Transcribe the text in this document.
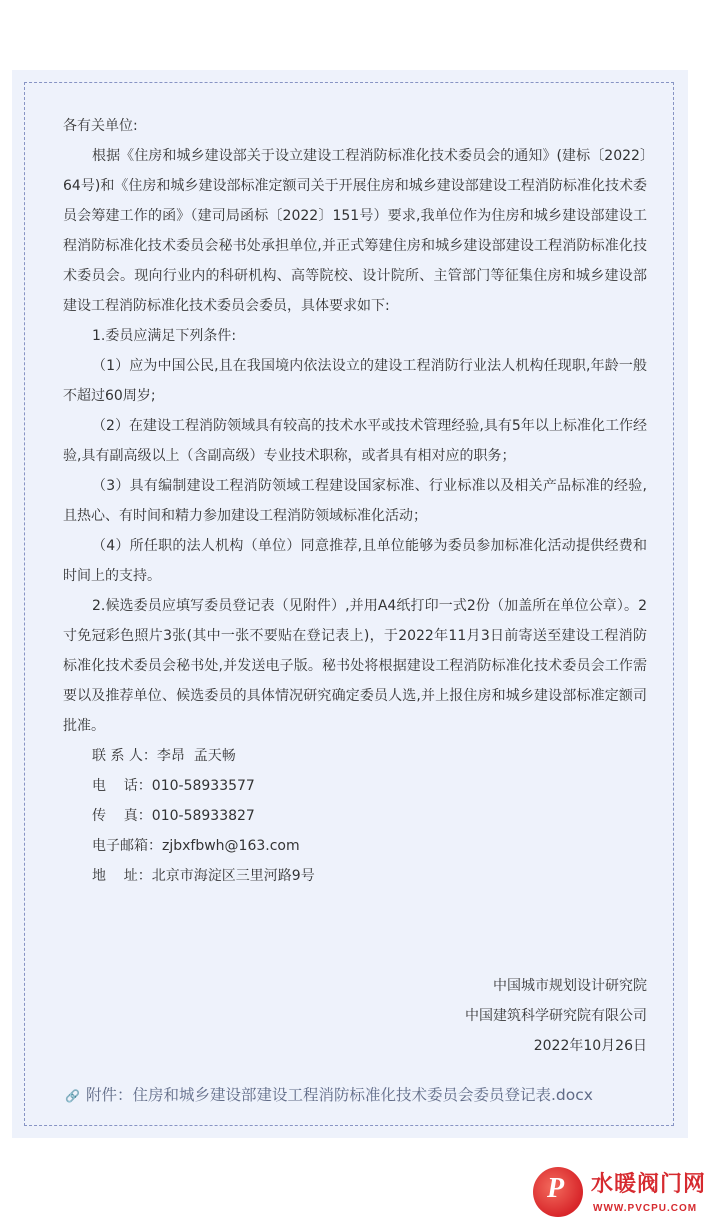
各有关单位:

根据《住房和城乡建设部关于设立建设工程消防标准化技术委员会的通知》(建标〔2022〕64号)和《住房和城乡建设部标准定额司关于开展住房和城乡建设部建设工程消防标准化技术委员会筹建工作的函》（建司局函标〔2022〕151号）要求,我单位作为住房和城乡建设部建设工程消防标准化技术委员会秘书处承担单位,并正式筹建住房和城乡建设部建设工程消防标准化技术委员会。现向行业内的科研机构、高等院校、设计院所、主管部门等征集住房和城乡建设部建设工程消防标准化技术委员会委员，具体要求如下:

1.委员应满足下列条件:

（1）应为中国公民,且在我国境内依法设立的建设工程消防行业法人机构任现职,年龄一般不超过60周岁;

（2）在建设工程消防领域具有较高的技术水平或技术管理经验,具有5年以上标准化工作经验,具有副高级以上（含副高级）专业技术职称，或者具有相对应的职务；

（3）具有编制建设工程消防领域工程建设国家标准、行业标准以及相关产品标准的经验,且热心、有时间和精力参加建设工程消防领域标准化活动；

（4）所任职的法人机构（单位）同意推荐,且单位能够为委员参加标准化活动提供经费和时间上的支持。

2.候选委员应填写委员登记表（见附件）,并用A4纸打印一式2份（加盖所在单位公章）。2寸免冠彩色照片3张(其中一张不要贴在登记表上)，于2022年11月3日前寄送至建设工程消防标准化技术委员会秘书处,并发送电子版。秘书处将根据建设工程消防标准化技术委员会工作需要以及推荐单位、候选委员的具体情况研究确定委员人选,并上报住房和城乡建设部标准定额司批准。

联 系 人：李昂  孟天畅

电    话：010-58933577

传    真：010-58933827

电子邮箱：zjbxfbwh@163.com

地    址：北京市海淀区三里河路9号

中国城市规划设计研究院
中国建筑科学研究院有限公司
2022年10月26日
🔗 附件：住房和城乡建设部建设工程消防标准化技术委员会委员登记表.docx
P 水暖阀门网
WWW.PVCPU.COM
